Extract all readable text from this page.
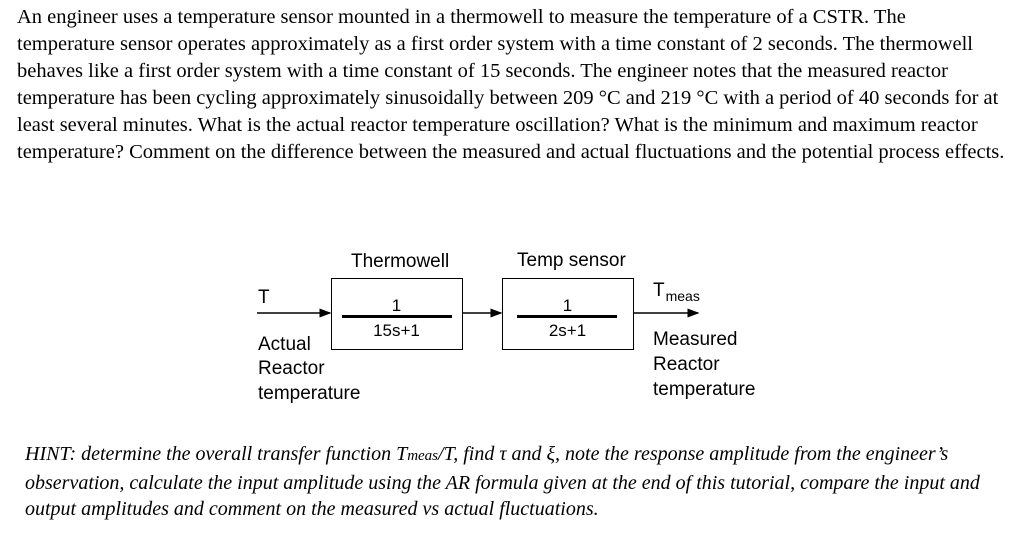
An engineer uses a temperature sensor mounted in a thermowell to measure the temperature of a CSTR. The temperature sensor operates approximately as a first order system with a time constant of 2 seconds. The thermowell behaves like a first order system with a time constant of 15 seconds. The engineer notes that the measured reactor temperature has been cycling approximately sinusoidally between 209 °C and 219 °C with a period of 40 seconds for at least several minutes. What is the actual reactor temperature oscillation? What is the minimum and maximum reactor temperature? Comment on the difference between the measured and actual fluctuations and the potential process effects.

T
Actual
Reactor
temperature
Thermowell
1
15s+1
Temp sensor
1
2s+1
$T_{meas}$
Measured
Reactor
temperature

HINT: determine the overall transfer function Tmeas/T, find τ and ξ, note the response amplitude from the engineer’s observation, calculate the input amplitude using the AR formula given at the end of this tutorial, compare the input and output amplitudes and comment on the measured vs actual fluctuations.
